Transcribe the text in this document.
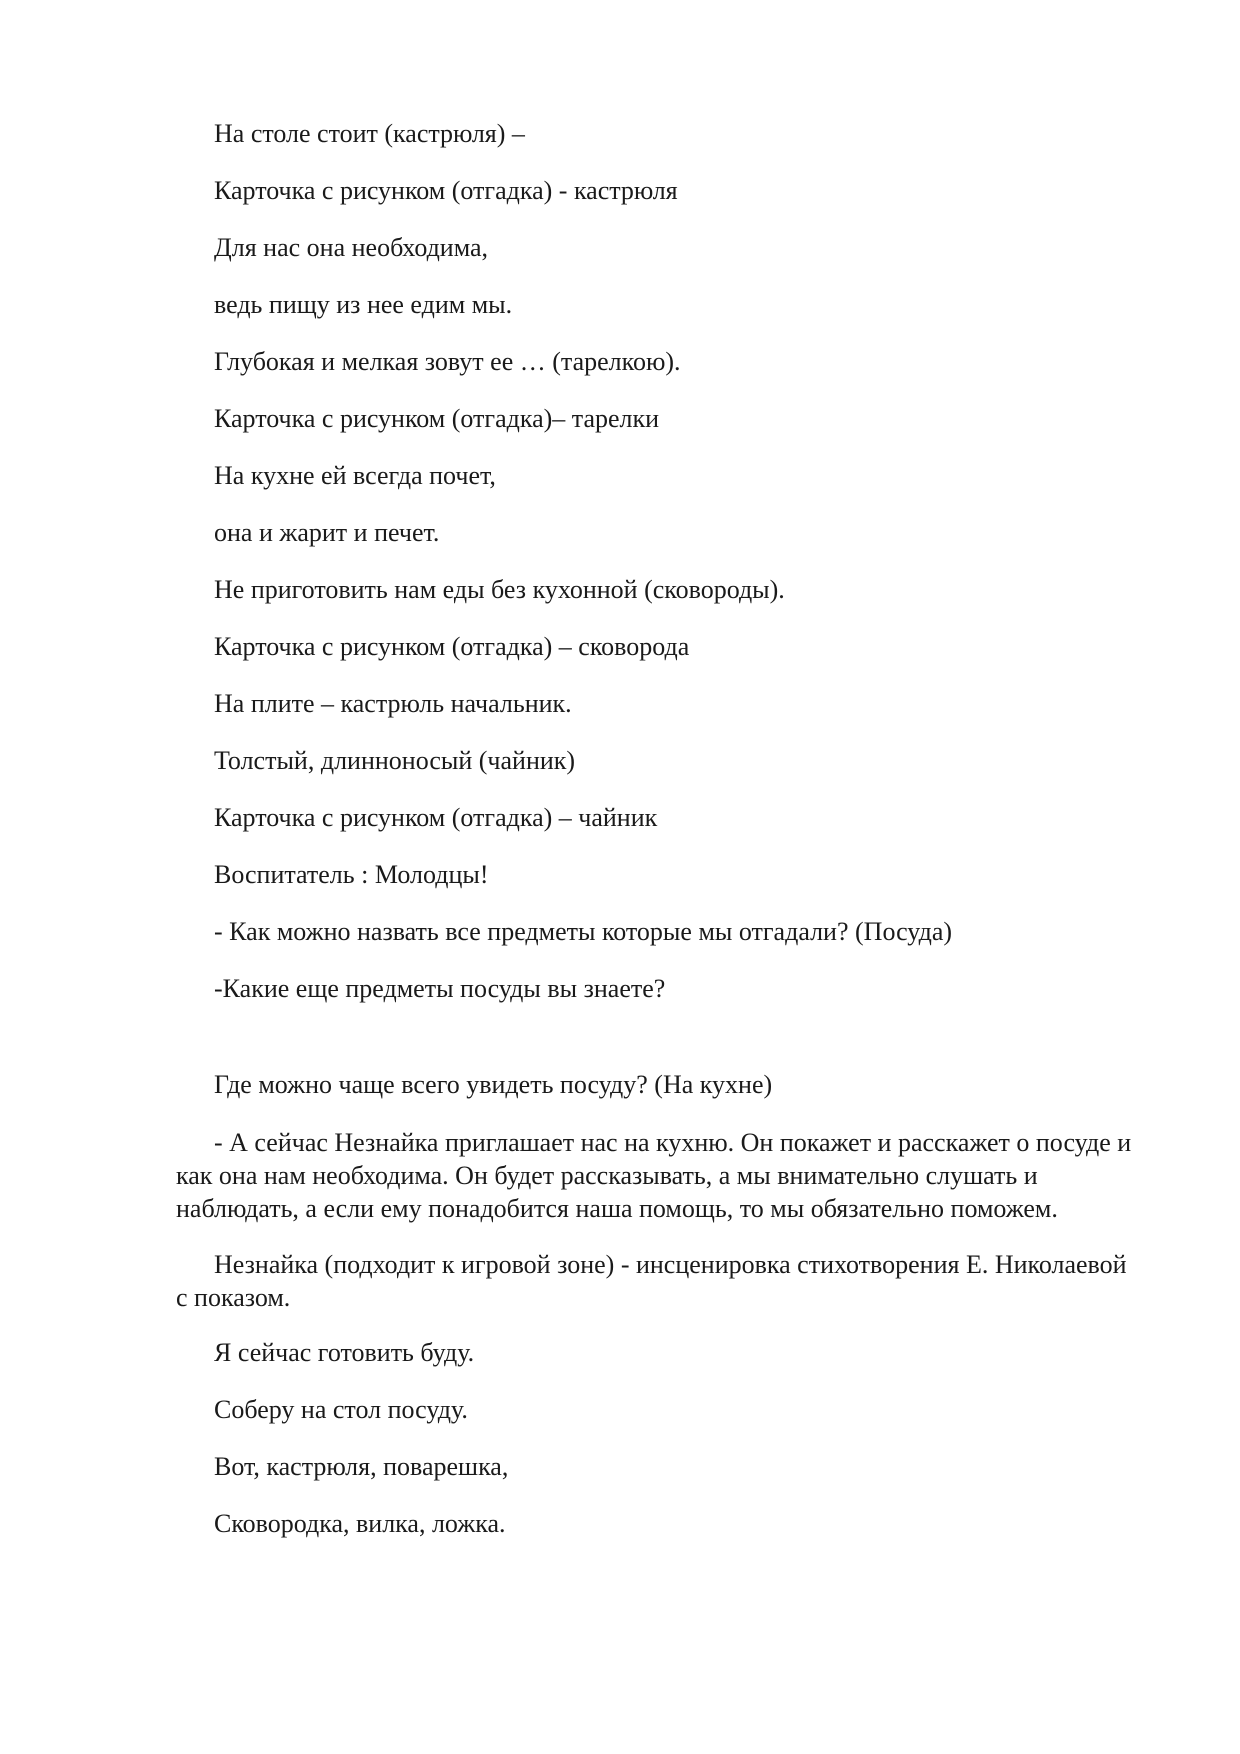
На столе стоит (кастрюля) –

Карточка с рисунком (отгадка) - кастрюля

Для нас она необходима,

ведь пищу из нее едим мы.

Глубокая и мелкая зовут ее … (тарелкою).

Карточка с рисунком (отгадка)– тарелки

На кухне ей всегда почет,

она и жарит и печет.

Не приготовить нам еды без кухонной (сковороды).

Карточка с рисунком (отгадка) – сковорода

На плите – кастрюль начальник.

Толстый, длинноносый (чайник)

Карточка с рисунком (отгадка) – чайник

Воспитатель : Молодцы!

- Как можно назвать все предметы которые мы отгадали? (Посуда)

-Какие еще предметы посуды вы знаете?

Где можно чаще всего увидеть посуду? (На кухне)

- А сейчас Незнайка приглашает нас на кухню. Он покажет и расскажет о посуде и как она нам необходима. Он будет рассказывать, а мы внимательно слушать и наблюдать, а если ему понадобится наша помощь, то мы обязательно поможем.

Незнайка (подходит к игровой зоне) - инсценировка стихотворения Е. Николаевой с показом.

Я сейчас готовить буду.

Соберу на стол посуду.

Вот, кастрюля, поварешка,

Сковородка, вилка, ложка.
